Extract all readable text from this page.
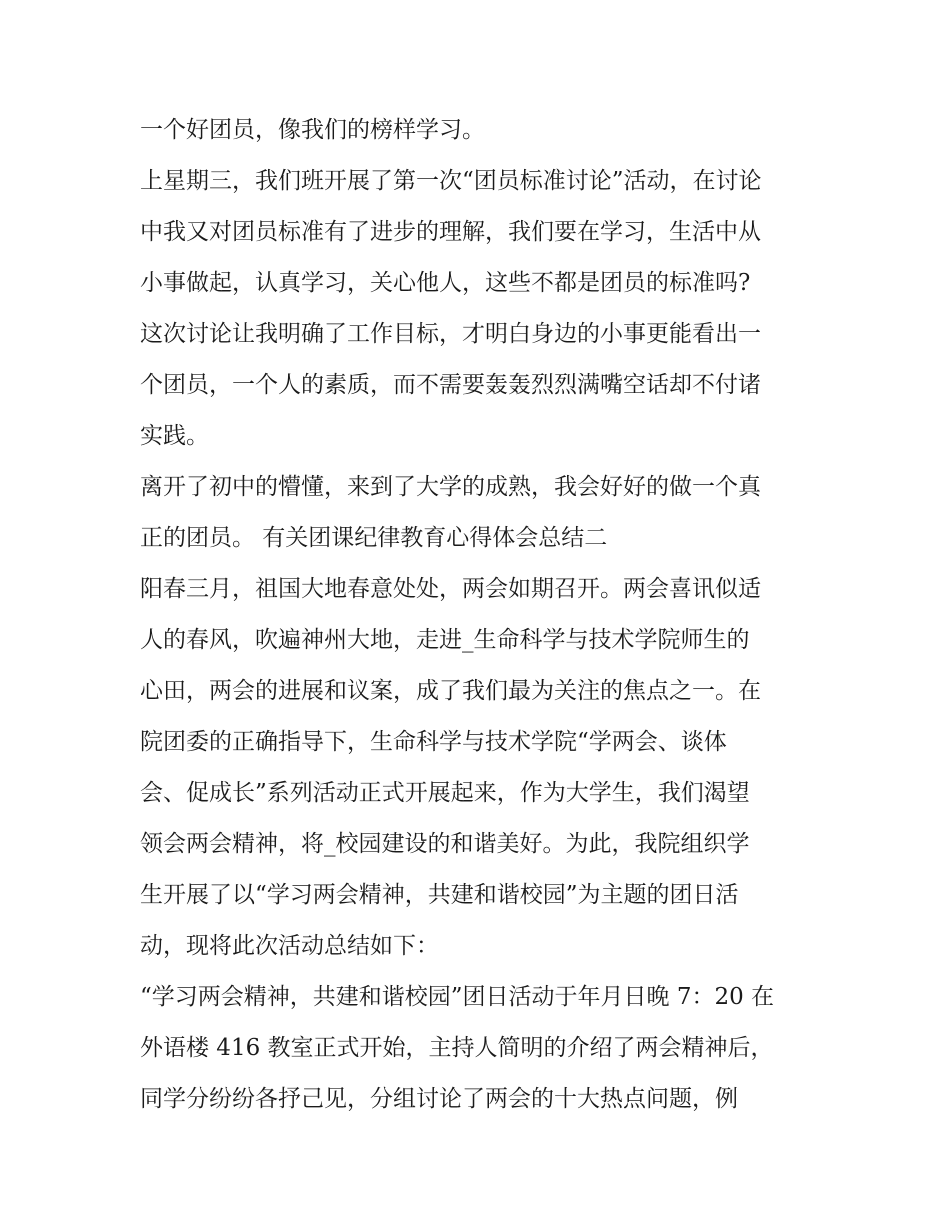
一个好团员，像我们的榜样学习。
上星期三，我们班开展了第一次“团员标准讨论”活动，在讨论
中我又对团员标准有了进步的理解，我们要在学习，生活中从
小事做起，认真学习，关心他人，这些不都是团员的标准吗?
这次讨论让我明确了工作目标，才明白身边的小事更能看出一
个团员，一个人的素质，而不需要轰轰烈烈满嘴空话却不付诸
实践。
离开了初中的懵懂，来到了大学的成熟，我会好好的做一个真
正的团员。 有关团课纪律教育心得体会总结二
阳春三月，祖国大地春意处处，两会如期召开。两会喜讯似适
人的春风，吹遍神州大地，走进_生命科学与技术学院师生的
心田，两会的进展和议案，成了我们最为关注的焦点之一。在
院团委的正确指导下，生命科学与技术学院“学两会、谈体
会、促成长”系列活动正式开展起来，作为大学生，我们渴望
领会两会精神，将_校园建设的和谐美好。为此，我院组织学
生开展了以“学习两会精神，共建和谐校园”为主题的团日活
动，现将此次活动总结如下：
“学习两会精神，共建和谐校园”团日活动于年月日晚 7：20 在
外语楼 416 教室正式开始，主持人简明的介绍了两会精神后，
同学分纷纷各抒己见，分组讨论了两会的十大热点问题，例
